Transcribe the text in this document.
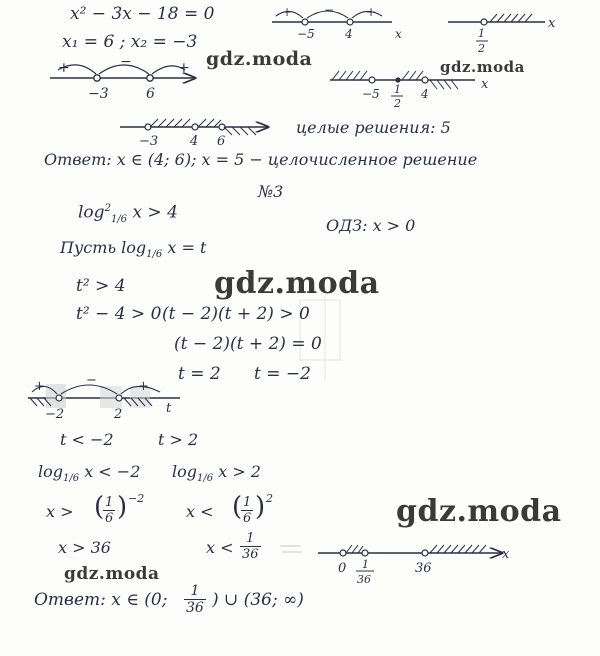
x² − 3x − 18 = 0
x₁ = 6 ; x₂ = −3
−3	6
+	−	+
−5	4	x
+	−	+
1
2
x
−5 1
2
4
x
−3 4 6
−2	2	t
+	−	+
0 1
36
36
x
целые решения: 5
Ответ: x ∈ (4; 6); x = 5 − целочисленное решение
№3
$\log^2_{1/6} x > 4$
ОДЗ: x > 0
Пусть $\log_{1/6} x = t$
t² > 4
t² − 4 > 0 (t − 2)(t + 2) > 0
(t − 2)(t + 2) = 0
t = 2 t = −2
t < −2	t > 2
$\log_{1/6} x < -2$ $\log_{1/6} x > 2$
x > ( 1
6 ) −2
x < ( 1
6 ) 2
x > 36	x < 1
36
Ответ: x ∈ (0;	1
36 ) ∪ (36; ∞)
gdz.moda	gdz.moda
gdz.moda
gdz.moda
gdz.moda
